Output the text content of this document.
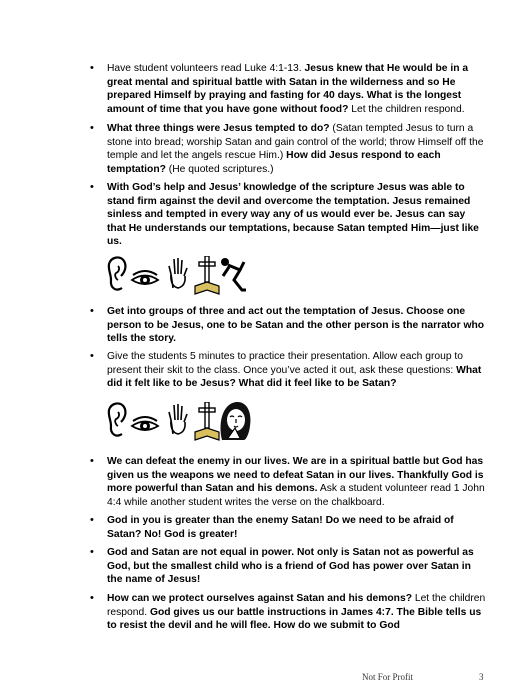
• Have student volunteers read Luke 4:1-13. Jesus knew that He would be in a great mental and spiritual battle with Satan in the wilderness and so He prepared Himself by praying and fasting for 40 days. What is the longest amount of time that you have gone without food? Let the children respond.
• What three things were Jesus tempted to do? (Satan tempted Jesus to turn a stone into bread; worship Satan and gain control of the world; throw Himself off the temple and let the angels rescue Him.) How did Jesus respond to each temptation? (He quoted scriptures.)
• With God’s help and Jesus’ knowledge of the scripture Jesus was able to stand firm against the devil and overcome the temptation. Jesus remained sinless and tempted in every way any of us would ever be. Jesus can say that He understands our temptations, because Satan tempted Him—just like us.
• Get into groups of three and act out the temptation of Jesus. Choose one person to be Jesus, one to be Satan and the other person is the narrator who tells the story.
• Give the students 5 minutes to practice their presentation. Allow each group to present their skit to the class. Once you’ve acted it out, ask these questions: What did it felt like to be Jesus? What did it feel like to be Satan?
• We can defeat the enemy in our lives. We are in a spiritual battle but God has given us the weapons we need to defeat Satan in our lives. Thankfully God is more powerful than Satan and his demons. Ask a student volunteer read 1 John 4:4 while another student writes the verse on the chalkboard.
• God in you is greater than the enemy Satan! Do we need to be afraid of Satan? No! God is greater!
• God and Satan are not equal in power. Not only is Satan not as powerful as God, but the smallest child who is a friend of God has power over Satan in the name of Jesus!
• How can we protect ourselves against Satan and his demons? Let the children respond. God gives us our battle instructions in James 4:7. The Bible tells us to resist the devil and he will flee. How do we submit to God
Not For Profit	3
